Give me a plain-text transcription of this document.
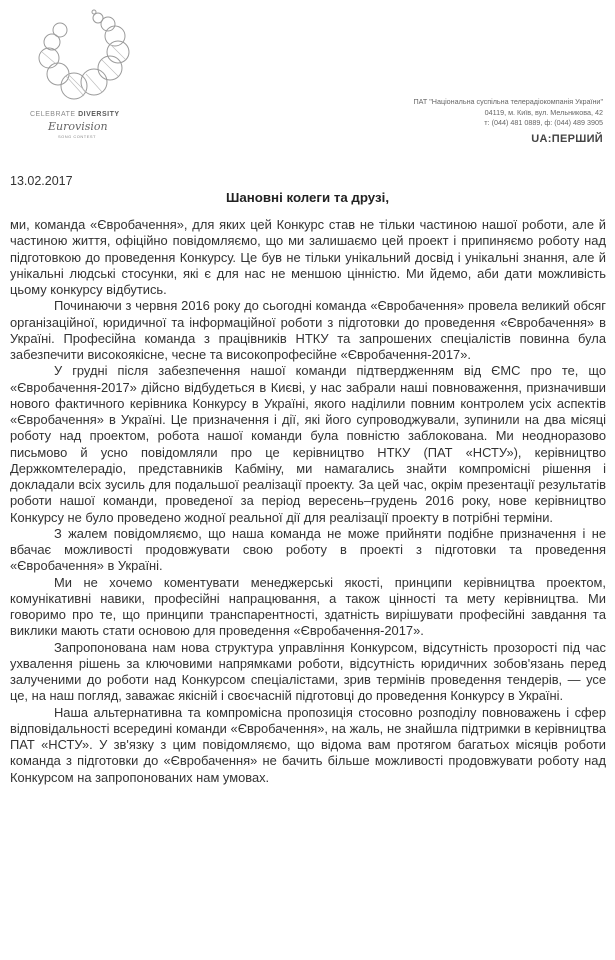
CELEBRATE DIVERSITY
Eurovision
SONG CONTEST
ПАТ "Національна суспільна телерадіокомпанія України"
04119, м. Київ, вул. Мельникова, 42
т: (044) 481 0889, ф: (044) 489 3905
UA:ПЕРШИЙ
13.02.2017
Шановні колеги та друзі,

ми, команда «Євробачення», для яких цей Конкурс став не тільки частиною нашої роботи, але й частиною життя, офіційно повідомляємо, що ми залишаємо цей проект і припиняємо роботу над підготовкою до проведення Конкурсу. Це був не тільки унікальний досвід і унікальні знання, але й унікальні людські стосунки, які є для нас не меншою цінністю. Ми йдемо, аби дати можливість цьому конкурсу відбутись.

Починаючи з червня 2016 року до сьогодні команда «Євробачення» провела великий обсяг організаційної, юридичної та інформаційної роботи з підготовки до проведення «Євробачення» в Україні. Професійна команда з працівників НТКУ та запрошених спеціалістів повинна була забезпечити високоякісне, чесне та високопрофесійне «Євробачення-2017».

У грудні після забезпечення нашої команди підтвердженням від ЄМС про те, що «Євробачення-2017» дійсно відбудеться в Києві, у нас забрали наші повноваження, призначивши нового фактичного керівника Конкурсу в Україні, якого наділили повним контролем усіх аспектів «Євробачення» в Україні. Це призначення і дії, які його супроводжували, зупинили на два місяці роботу над проектом, робота нашої команди була повністю заблокована. Ми неодноразово письмово й усно повідомляли про це керівництво НТКУ (ПАТ «НСТУ»), керівництво Держкомтелерадіо, представників Кабміну, ми намагались знайти компромісні рішення і докладали всіх зусиль для подальшої реалізації проекту. За цей час, окрім презентації результатів роботи нашої команди, проведеної за період вересень–грудень 2016 року, нове керівництво Конкурсу не було проведено жодної реальної дії для реалізації проекту в потрібні терміни.

З жалем повідомляємо, що наша команда не може прийняти подібне призначення і не вбачає можливості продовжувати свою роботу в проекті з підготовки та проведення «Євробачення» в Україні.

Ми не хочемо коментувати менеджерські якості, принципи керівництва проектом, комунікативні навики, професійні напрацювання, а також цінності та мету керівництва. Ми говоримо про те, що принципи транспарентності, здатність вирішувати професійні завдання та виклики мають стати основою для проведення «Євробачення-2017».

Запропонована нам нова структура управління Конкурсом, відсутність прозорості під час ухвалення рішень за ключовими напрямками роботи, відсутність юридичних зобов'язань перед залученими до роботи над Конкурсом спеціалістами, зрив термінів проведення тендерів, — усе це, на наш погляд, заважає якісній і своєчасній підготовці до проведення Конкурсу в Україні.

Наша альтернативна та компромісна пропозиція стосовно розподілу повноважень і сфер відповідальності всередині команди «Євробачення», на жаль, не знайшла підтримки в керівництва ПАТ «НСТУ». У зв'язку з цим повідомляємо, що відома вам протягом багатьох місяців роботи команда з підготовки до «Євробачення» не бачить більше можливості продовжувати роботу над Конкурсом на запропонованих нам умовах.
